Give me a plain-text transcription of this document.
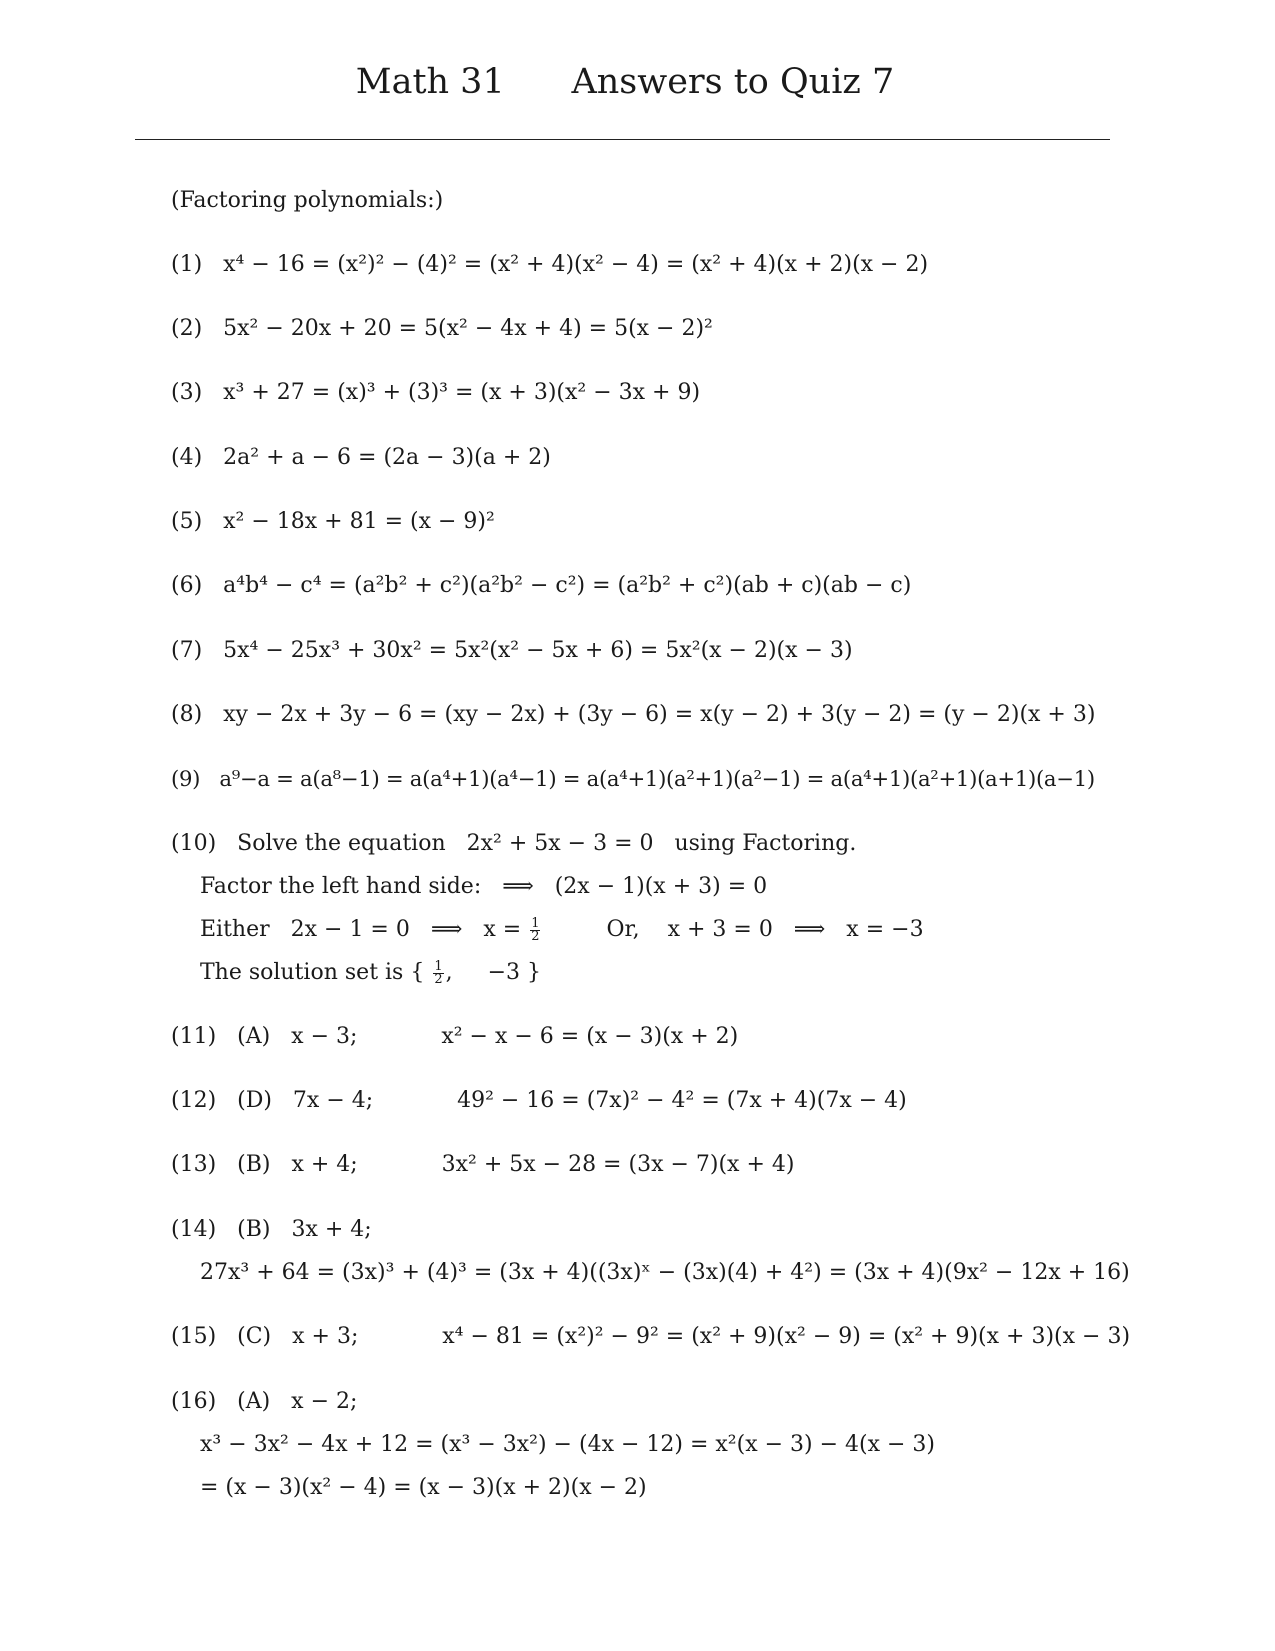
Math 31      Answers to Quiz 7
(Factoring polynomials:)
(1)   x⁴ − 16 = (x²)² − (4)² = (x² + 4)(x² − 4) = (x² + 4)(x + 2)(x − 2)
(2)   5x² − 20x + 20 = 5(x² − 4x + 4) = 5(x − 2)²
(3)   x³ + 27 = (x)³ + (3)³ = (x + 3)(x² − 3x + 9)
(4)   2a² + a − 6 = (2a − 3)(a + 2)
(5)   x² − 18x + 81 = (x − 9)²
(6)   a⁴b⁴ − c⁴ = (a²b² + c²)(a²b² − c²) = (a²b² + c²)(ab + c)(ab − c)
(7)   5x⁴ − 25x³ + 30x² = 5x²(x² − 5x + 6) = 5x²(x − 2)(x − 3)
(8)   xy − 2x + 3y − 6 = (xy − 2x) + (3y − 6) = x(y − 2) + 3(y − 2) = (y − 2)(x + 3)
(9)   a⁹−a = a(a⁸−1) = a(a⁴+1)(a⁴−1) = a(a⁴+1)(a²+1)(a²−1) = a(a⁴+1)(a²+1)(a+1)(a−1)
(10)   Solve the equation   2x² + 5x − 3 = 0   using Factoring.
Factor the left hand side:   ⟹   (2x − 1)(x + 3) = 0
Either   2x − 1 = 0   ⟹   $x = \frac{1}{2}$	Or,    x + 3 = 0   ⟹   x = −3
The solution set is { $\frac{1}{2}$ ,     −3 }
(11)   (A)   x − 3;            x² − x − 6 = (x − 3)(x + 2)
(12)   (D)   7x − 4;            49² − 16 = (7x)² − 4² = (7x + 4)(7x − 4)
(13)   (B)   x + 4;            3x² + 5x − 28 = (3x − 7)(x + 4)
(14)   (B)   3x + 4;
27x³ + 64 = (3x)³ + (4)³ = (3x + 4)((3x)ˣ − (3x)(4) + 4²) = (3x + 4)(9x² − 12x + 16)
(15)   (C)   x + 3;            x⁴ − 81 = (x²)² − 9² = (x² + 9)(x² − 9) = (x² + 9)(x + 3)(x − 3)
(16)   (A)   x − 2;
x³ − 3x² − 4x + 12 = (x³ − 3x²) − (4x − 12) = x²(x − 3) − 4(x − 3)
= (x − 3)(x² − 4) = (x − 3)(x + 2)(x − 2)
